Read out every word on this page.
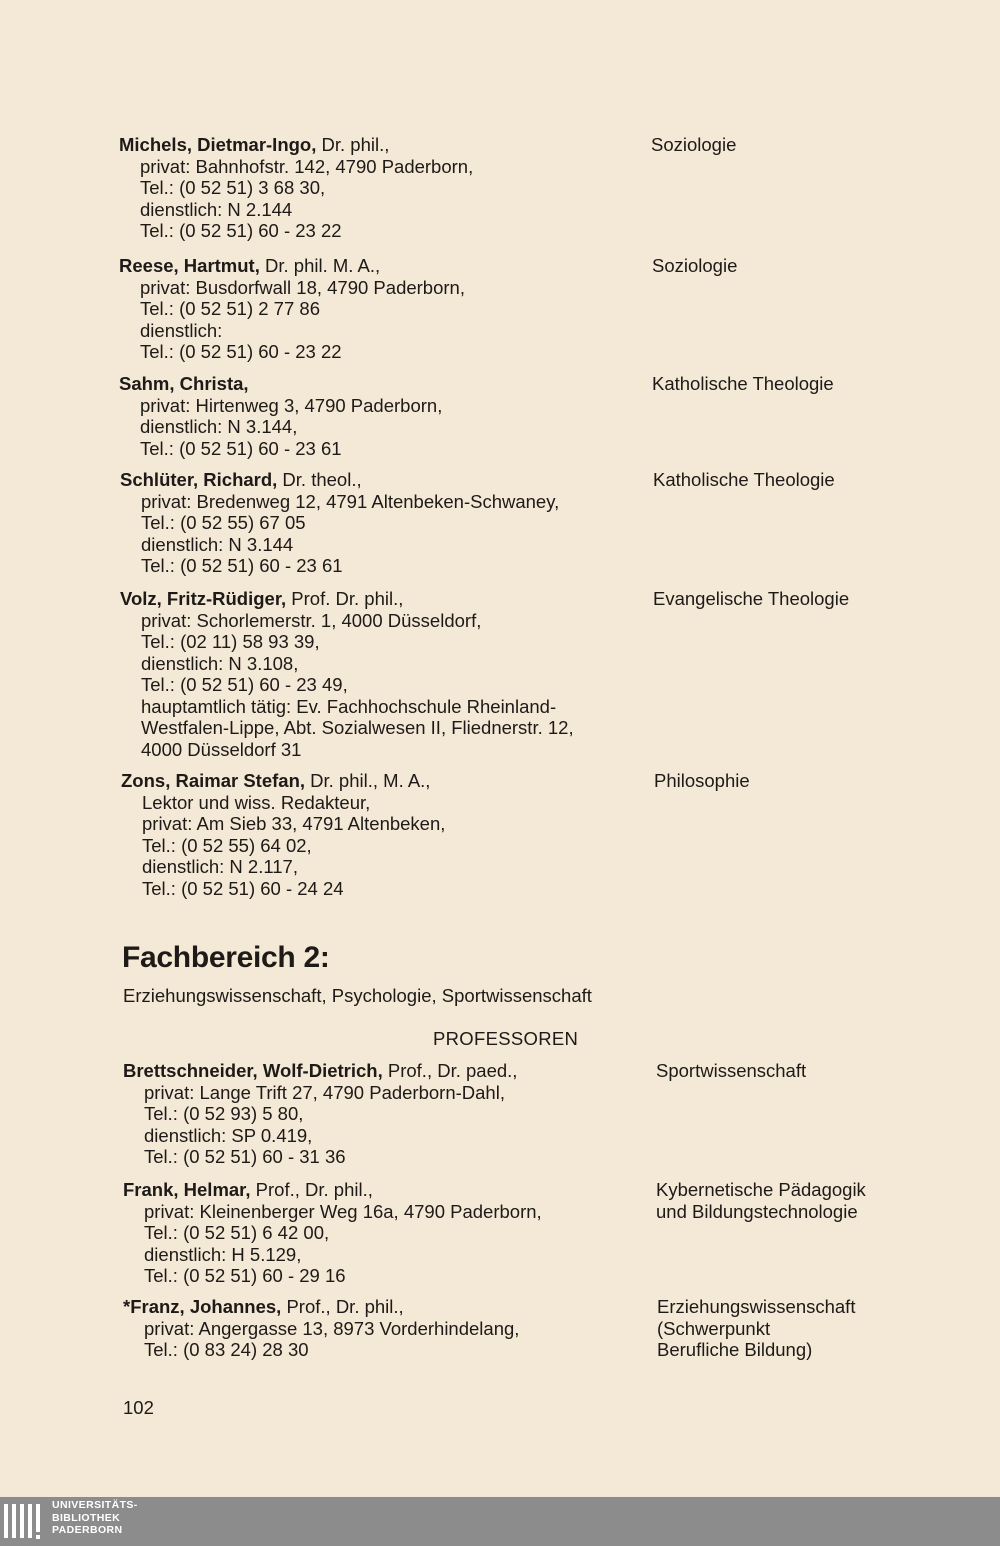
Michels, Dietmar-Ingo, Dr. phil.,
privat: Bahnhofstr. 142, 4790 Paderborn,
Tel.: (0 52 51) 3 68 30,
dienstlich: N 2.144
Tel.: (0 52 51) 60 - 23 22
Soziologie
Reese, Hartmut, Dr. phil. M. A.,
privat: Busdorfwall 18, 4790 Paderborn,
Tel.: (0 52 51) 2 77 86
dienstlich:
Tel.: (0 52 51) 60 - 23 22
Soziologie
Sahm, Christa,
privat: Hirtenweg 3, 4790 Paderborn,
dienstlich: N 3.144,
Tel.: (0 52 51) 60 - 23 61
Katholische Theologie
Schlüter, Richard, Dr. theol.,
privat: Bredenweg 12, 4791 Altenbeken-Schwaney,
Tel.: (0 52 55) 67 05
dienstlich: N 3.144
Tel.: (0 52 51) 60 - 23 61
Katholische Theologie
Volz, Fritz-Rüdiger, Prof. Dr. phil.,
privat: Schorlemerstr. 1, 4000 Düsseldorf,
Tel.: (02 11) 58 93 39,
dienstlich: N 3.108,
Tel.: (0 52 51) 60 - 23 49,
hauptamtlich tätig: Ev. Fachhochschule Rheinland-
Westfalen-Lippe, Abt. Sozialwesen II, Fliednerstr. 12,
4000 Düsseldorf 31
Evangelische Theologie
Zons, Raimar Stefan, Dr. phil., M. A.,
Lektor und wiss. Redakteur,
privat: Am Sieb 33, 4791 Altenbeken,
Tel.: (0 52 55) 64 02,
dienstlich: N 2.117,
Tel.: (0 52 51) 60 - 24 24
Philosophie
Fachbereich 2:
Erziehungswissenschaft, Psychologie, Sportwissenschaft
PROFESSOREN
Brettschneider, Wolf-Dietrich, Prof., Dr. paed.,
privat: Lange Trift 27, 4790 Paderborn-Dahl,
Tel.: (0 52 93) 5 80,
dienstlich: SP 0.419,
Tel.: (0 52 51) 60 - 31 36
Sportwissenschaft
Frank, Helmar, Prof., Dr. phil.,
privat: Kleinenberger Weg 16a, 4790 Paderborn,
Tel.: (0 52 51) 6 42 00,
dienstlich: H 5.129,
Tel.: (0 52 51) 60 - 29 16
Kybernetische Pädagogik
und Bildungstechnologie
*Franz, Johannes, Prof., Dr. phil.,
privat: Angergasse 13, 8973 Vorderhindelang,
Tel.: (0 83 24) 28 30
Erziehungswissenschaft
(Schwerpunkt
Berufliche Bildung)
102
UNIVERSITÄTS-
BIBLIOTHEK
PADERBORN
